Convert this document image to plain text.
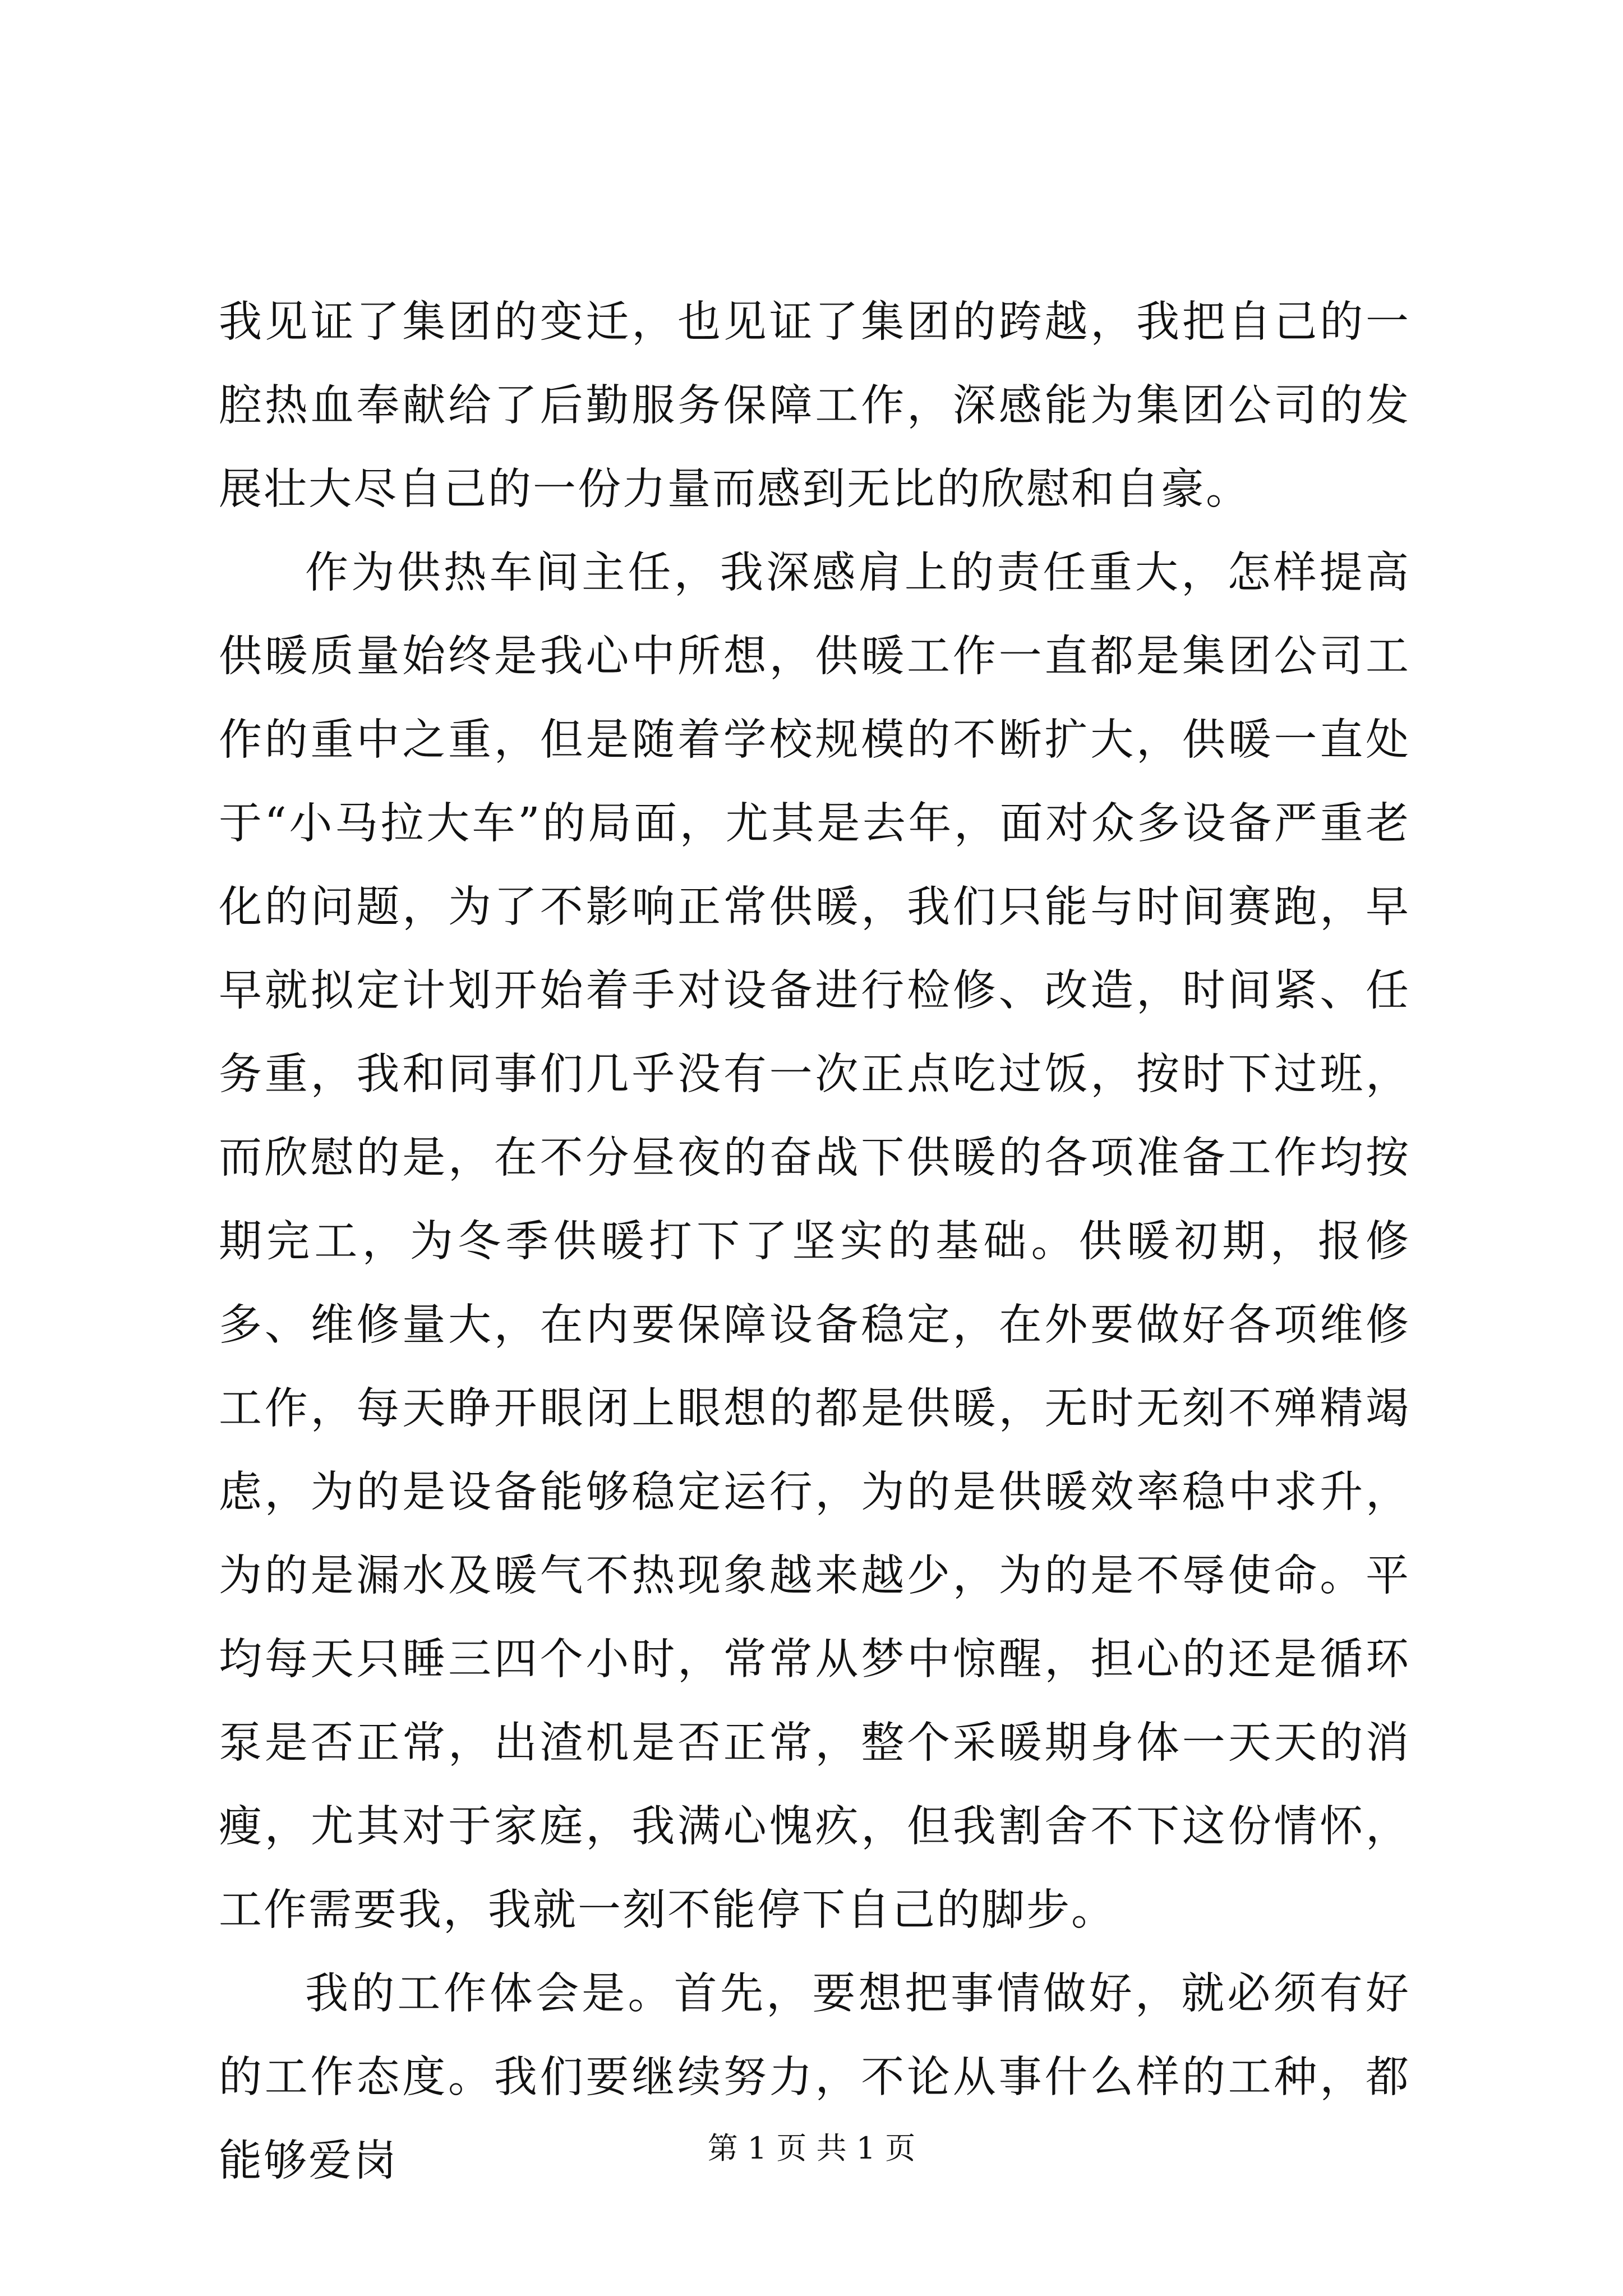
我见证了集团的变迁，也见证了集团的跨越，我把自己的一腔热血奉献给了后勤服务保障工作，深感能为集团公司的发展壮大尽自己的一份力量而感到无比的欣慰和自豪。

作为供热车间主任，我深感肩上的责任重大，怎样提高供暖质量始终是我心中所想，供暖工作一直都是集团公司工作的重中之重，但是随着学校规模的不断扩大，供暖一直处于“小马拉大车”的局面，尤其是去年，面对众多设备严重老化的问题，为了不影响正常供暖，我们只能与时间赛跑，早早就拟定计划开始着手对设备进行检修、改造，时间紧、任务重，我和同事们几乎没有一次正点吃过饭，按时下过班，而欣慰的是，在不分昼夜的奋战下供暖的各项准备工作均按期完工，为冬季供暖打下了坚实的基础。供暖初期，报修多、维修量大，在内要保障设备稳定，在外要做好各项维修工作，每天睁开眼闭上眼想的都是供暖，无时无刻不殚精竭虑，为的是设备能够稳定运行，为的是供暖效率稳中求升，为的是漏水及暖气不热现象越来越少，为的是不辱使命。平均每天只睡三四个小时，常常从梦中惊醒，担心的还是循环泵是否正常，出渣机是否正常，整个采暖期身体一天天的消瘦，尤其对于家庭，我满心愧疚，但我割舍不下这份情怀，工作需要我，我就一刻不能停下自己的脚步。

我的工作体会是。首先，要想把事情做好，就必须有好的工作态度。我们要继续努力，不论从事什么样的工种，都能够爱岗	第 1 页 共 1 页
